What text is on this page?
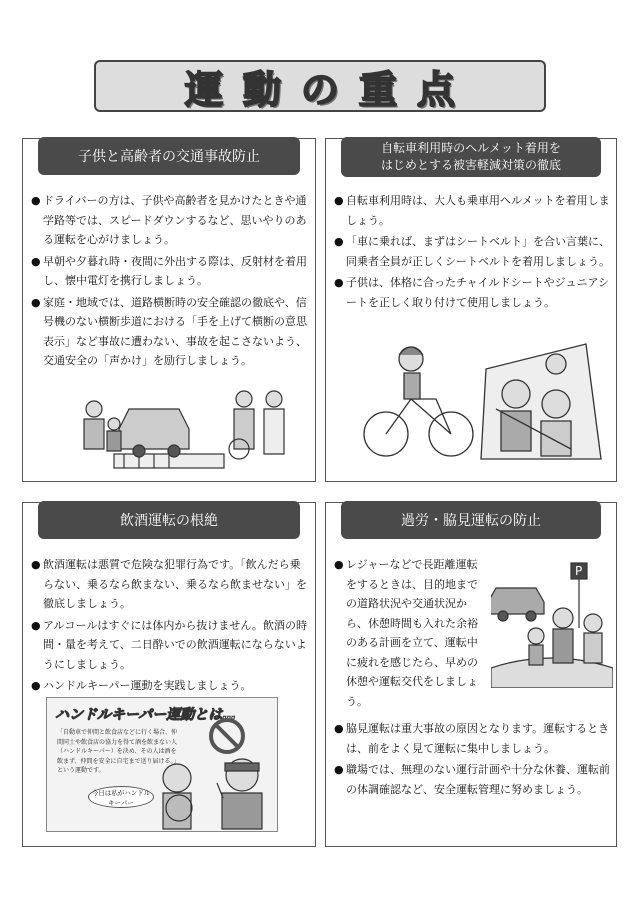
運動の重点
子供と高齢者の交通事故防止
● ドライバーの方は、子供や高齢者を見かけたときや通学路等では、スピードダウンするなど、思いやりのある運転を心がけましょう。
● 早朝や夕暮れ時・夜間に外出する際は、反射材を着用し、懐中電灯を携行しましょう。
● 家庭・地域では、道路横断時の安全確認の徹底や、信号機のない横断歩道における「手を上げて横断の意思表示」など事故に遭わない、事故を起こさないよう、交通安全の「声かけ」を励行しましょう。
自転車利用時のヘルメット着用を
はじめとする被害軽減対策の徹底
● 自転車利用時は、大人も乗車用ヘルメットを着用しましょう。
● 「車に乗れば、まずはシートベルト」を合い言葉に、同乗者全員が正しくシートベルトを着用しましょう。
● 子供は、体格に合ったチャイルドシートやジュニアシートを正しく取り付けて使用しましょう。
飲酒運転の根絶
● 飲酒運転は悪質で危険な犯罪行為です。「飲んだら乗らない、乗るなら飲まない、乗るなら飲ませない」を徹底しましょう。
● アルコールはすぐには体内から抜けません。飲酒の時間・量を考えて、二日酔いでの飲酒運転にならないようにしましょう。
● ハンドルキーパー運動を実践しましょう。
ハンドルキーパー運動とは…
「自動車で仲間と飲食店などに行く場合、仲間同士や飲食店の協力を得て酒を飲まない人（ハンドルキーパー）を決め、その人は酒を飲まず、仲間を安全に自宅まで送り届ける。」という運動です。
今日は私がハンドルキーパー
過労・脇見運転の防止
● レジャーなどで長距離運転をするときは、目的地までの道路状況や交通状況から、休憩時間も入れた余裕のある計画を立て、運転中に疲れを感じたら、早めの休憩や運転交代をしましょう。
● 脇見運転は重大事故の原因となります。運転するときは、前をよく見て運転に集中しましょう。
● 職場では、無理のない運行計画や十分な休養、運転前の体調確認など、安全運転管理に努めましょう。
P
